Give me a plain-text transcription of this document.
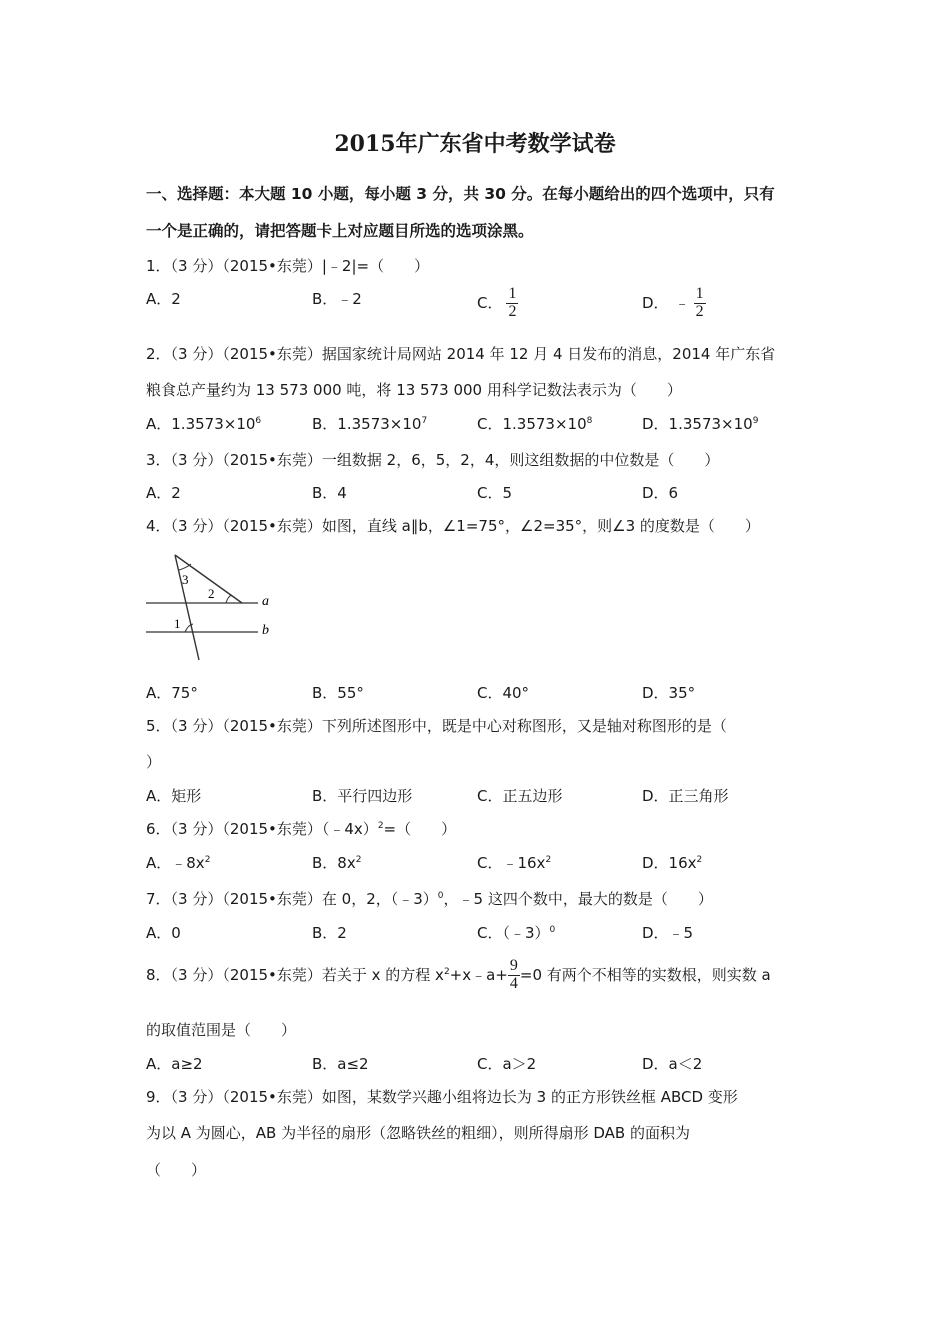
2015年广东省中考数学试卷
一、选择题：本大题 10 小题，每小题 3 分，共 30 分。在每小题给出的四个选项中，只有
一个是正确的，请把答题卡上对应题目所选的选项涂黑。
1．（3 分）（2015•东莞）|﹣2|=（　　）
A．2	B．﹣2	C． $\frac{1}{2}$	D． ﹣ $\frac{1}{2}$
2．（3 分）（2015•东莞）据国家统计局网站 2014 年 12 月 4 日发布的消息，2014 年广东省
粮食总产量约为 13 573 000 吨，将 13 573 000 用科学记数法表示为（　　）
A．$1.3573\times 10^6$	B．$1.3573\times 10^7$	C．$1.3573\times 10^8$	D．$1.3573\times 10^9$
3．（3 分）（2015•东莞）一组数据 2，6，5，2，4，则这组数据的中位数是（　　）
A．2	B．4	C．5	D．6
4．（3 分）（2015•东莞）如图，直线 a∥b，∠1=75°，∠2=35°，则∠3 的度数是（　　）
3
2
1
a
b
A．75°	B．55°	C．40°	D．35°
5．（3 分）（2015•东莞）下列所述图形中，既是中心对称图形，又是轴对称图形的是（
）
A．矩形	B．平行四边形	C．正五边形	D．正三角形
6．（3 分）（2015•东莞）（﹣4x）$^2$=（　　）
A．$﹣8x^2$	B．$8x^2$	C．$﹣16x^2$	D．$16x^2$
7．（3 分）（2015•东莞）在 0，2，（﹣3）$^0$，﹣5 这四个数中，最大的数是（　　）
A．0	B．2	C．（﹣3）$^0$	D．﹣5
8．（3 分）（2015•东莞）若关于 x 的方程 $x^2+x﹣a+ \frac{9}{4} =0$ 有两个不相等的实数根，则实数 a
的取值范围是（　　）
A．a≥2	B．a≤2	C．a＞2	D．a＜2
9．（3 分）（2015•东莞）如图，某数学兴趣小组将边长为 3 的正方形铁丝框 ABCD 变形
为以 A 为圆心，AB 为半径的扇形（忽略铁丝的粗细），则所得扇形 DAB 的面积为
（　　）
